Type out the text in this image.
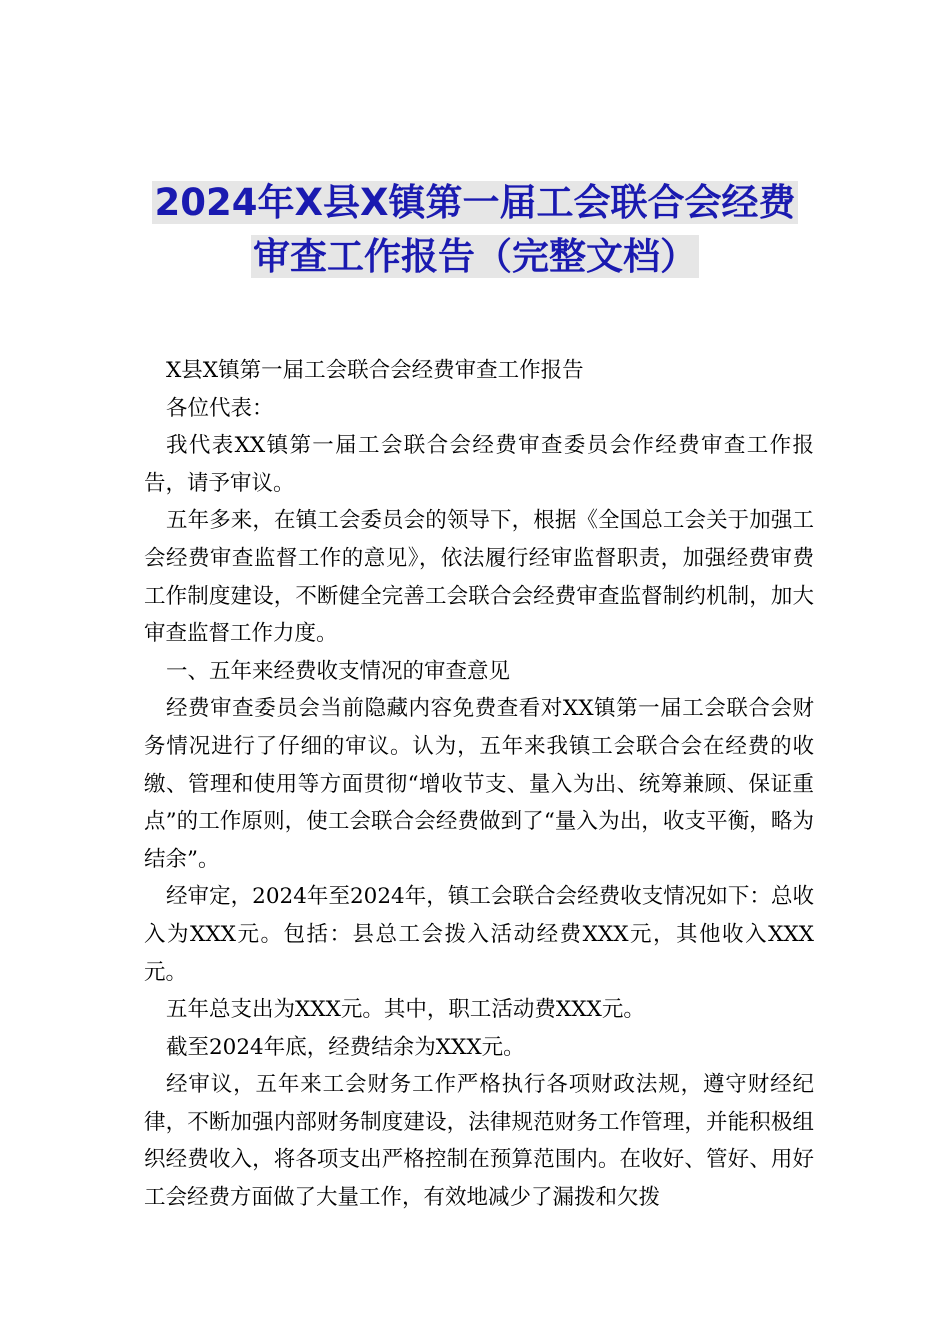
2024年X县X镇第一届工会联合会经费
审查工作报告（完整文档）

X县X镇第一届工会联合会经费审查工作报告

各位代表：

我代表XX镇第一届工会联合会经费审查委员会作经费审查工作报告，请予审议。

五年多来，在镇工会委员会的领导下，根据《全国总工会关于加强工会经费审查监督工作的意见》，依法履行经审监督职责，加强经费审费工作制度建设，不断健全完善工会联合会经费审查监督制约机制，加大审查监督工作力度。

一、五年来经费收支情况的审查意见

经费审查委员会当前隐藏内容免费查看对XX镇第一届工会联合会财务情况进行了仔细的审议。认为，五年来我镇工会联合会在经费的收缴、管理和使用等方面贯彻“增收节支、量入为出、统筹兼顾、保证重点”的工作原则，使工会联合会经费做到了“量入为出，收支平衡，略为结余”。

经审定，2024年至2024年，镇工会联合会经费收支情况如下：总收入为XXX元。包括：县总工会拨入活动经费XXX元，其他收入XXX元。

五年总支出为XXX元。其中，职工活动费XXX元。

截至2024年底，经费结余为XXX元。

经审议，五年来工会财务工作严格执行各项财政法规，遵守财经纪律，不断加强内部财务制度建设，法律规范财务工作管理，并能积极组织经费收入，将各项支出严格控制在预算范围内。在收好、管好、用好工会经费方面做了大量工作，有效地减少了漏拨和欠拨
